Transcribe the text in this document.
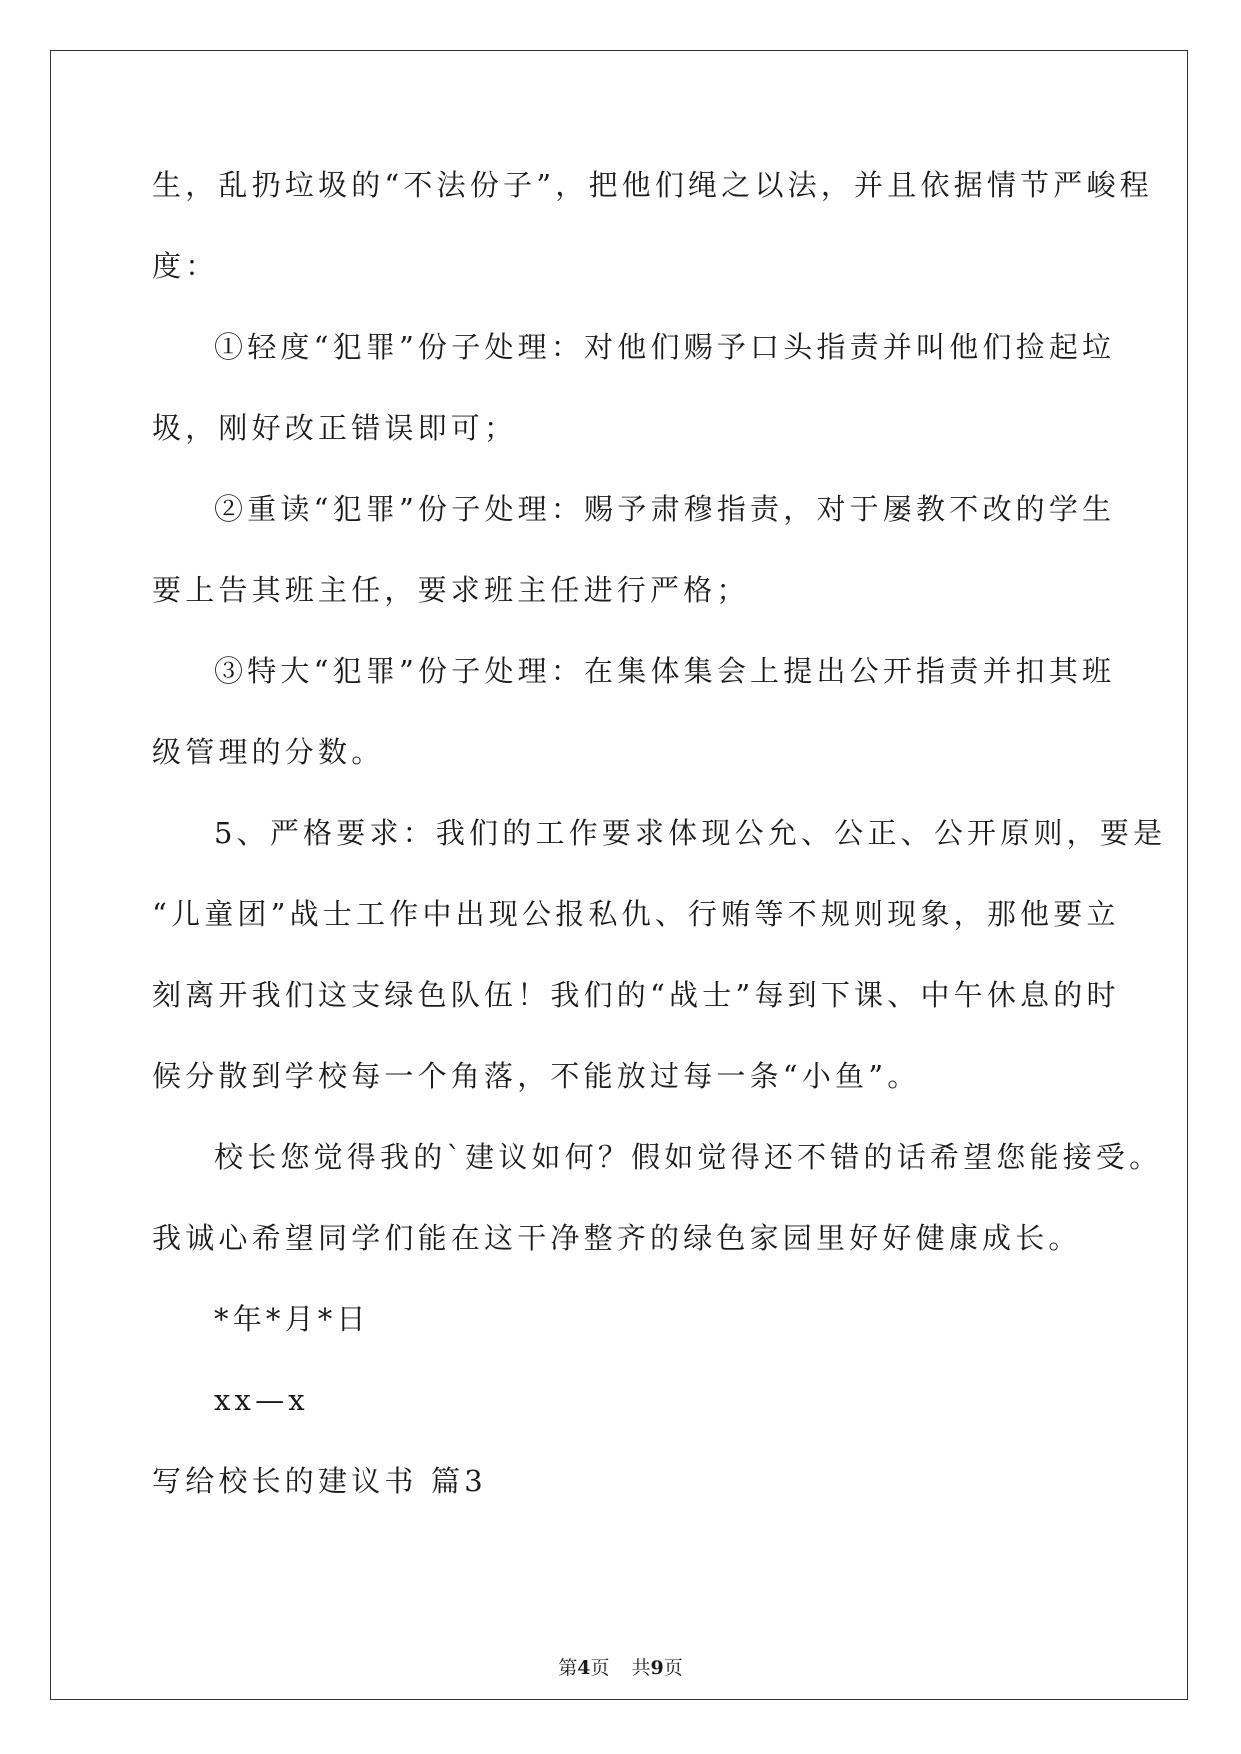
生，乱扔垃圾的“不法份子”，把他们绳之以法，并且依据情节严峻程
度：
①轻度“犯罪”份子处理：对他们赐予口头指责并叫他们捡起垃
圾，刚好改正错误即可；
②重读“犯罪”份子处理：赐予肃穆指责，对于屡教不改的学生
要上告其班主任，要求班主任进行严格；
③特大“犯罪”份子处理：在集体集会上提出公开指责并扣其班
级管理的分数。
5、严格要求：我们的工作要求体现公允、公正、公开原则，要是
“儿童团”战士工作中出现公报私仇、行贿等不规则现象，那他要立
刻离开我们这支绿色队伍！我们的“战士”每到下课、中午休息的时
候分散到学校每一个角落，不能放过每一条“小鱼”。
校长您觉得我的`建议如何？假如觉得还不错的话希望您能接受。
我诚心希望同学们能在这干净整齐的绿色家园里好好健康成长。
*年*月*日
xx—x
写给校长的建议书 篇3
第4页 共9页
